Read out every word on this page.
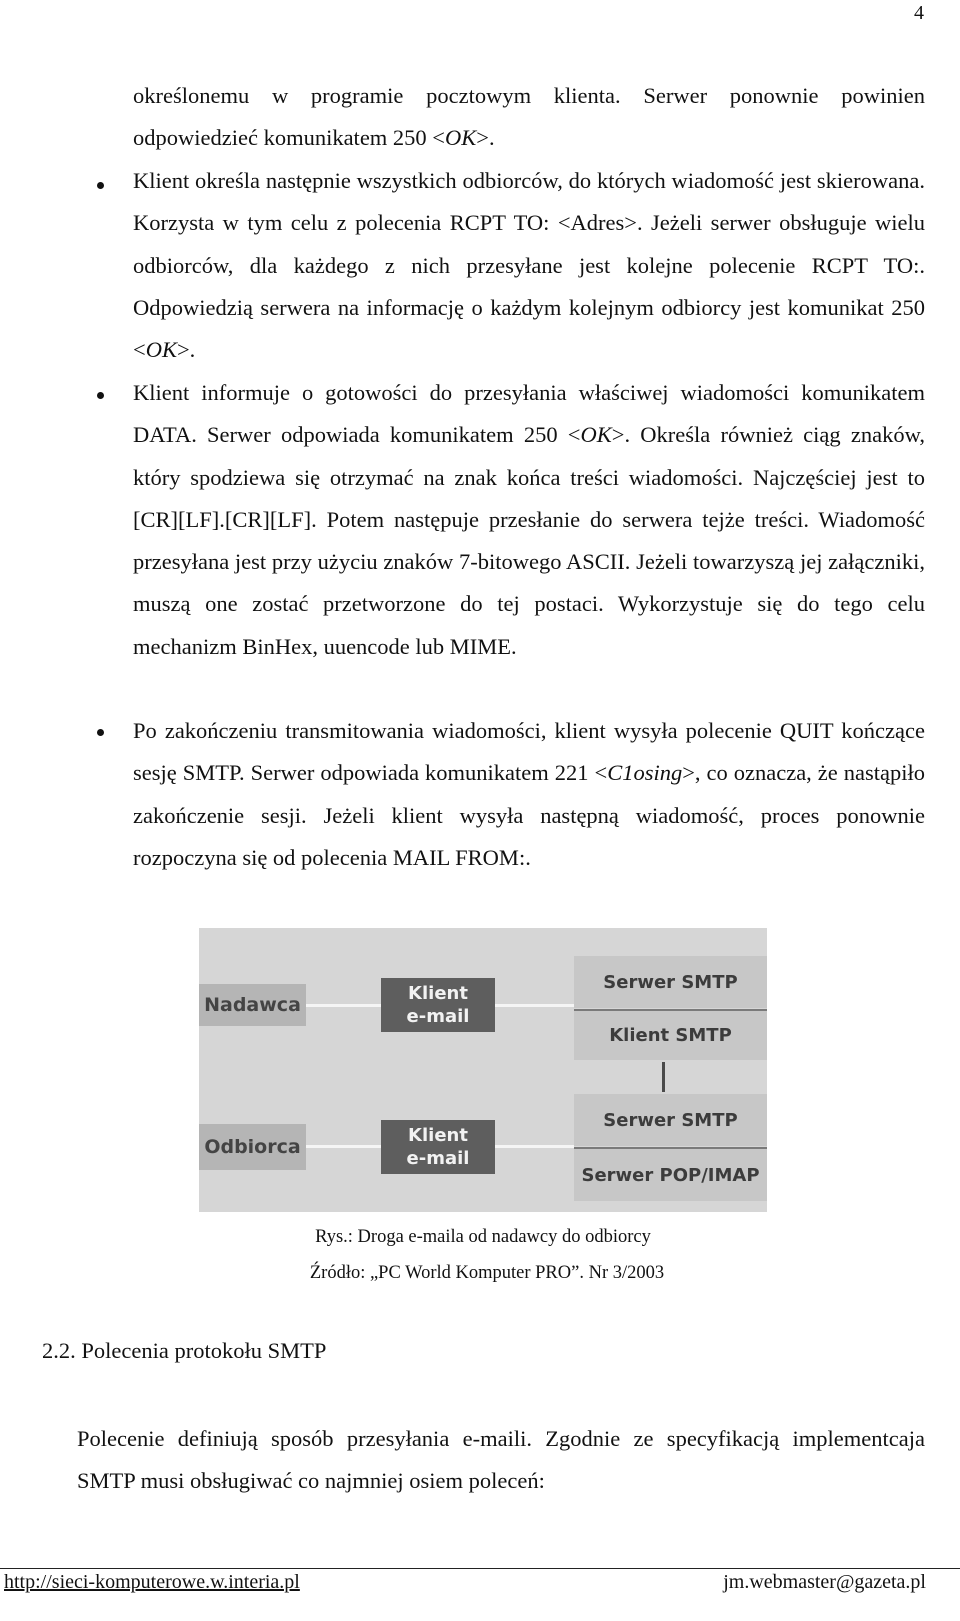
4
określonemu w programie pocztowym klienta. Serwer ponownie powinien odpowiedzieć komunikatem 250 <OK>.
Klient określa następnie wszystkich odbiorców, do których wiadomość jest skierowana. Korzysta w tym celu z polecenia RCPT TO: <Adres>. Jeżeli serwer obsługuje wielu odbiorców, dla każdego z nich przesyłane jest kolejne polecenie RCPT TO:. Odpowiedzią serwera na informację o każdym kolejnym odbiorcy jest komunikat 250 <OK>.
Klient informuje o gotowości do przesyłania właściwej wiadomości komunikatem DATA. Serwer odpowiada komunikatem 250 <OK>. Określa również ciąg znaków, który spodziewa się otrzymać na znak końca treści wiadomości. Najczęściej jest to [CR][LF].[CR][LF]. Potem następuje przesłanie do serwera tejże treści. Wiadomość przesyłana jest przy użyciu znaków 7-bitowego ASCII. Jeżeli towarzyszą jej załączniki, muszą one zostać przetworzone do tej postaci. Wykorzystuje się do tego celu mechanizm BinHex, uuencode lub MIME.
Po zakończeniu transmitowania wiadomości, klient wysyła polecenie QUIT kończące sesję SMTP. Serwer odpowiada komunikatem 221 <C1osing>, co oznacza, że nastąpiło zakończenie sesji. Jeżeli klient wysyła następną wiadomość, proces ponownie rozpoczyna się od polecenia MAIL FROM:.
Nadawca	Klient
e-mail
Serwer SMTP
Klient SMTP
Odbiorca	Klient
e-mail
Serwer SMTP
Serwer POP/IMAP
Rys.: Droga e-maila od nadawcy do odbiorcy
Źródło: „PC World Komputer PRO”. Nr 3/2003
2.2. Polecenia protokołu SMTP
Polecenie definiują sposób przesyłania e-maili. Zgodnie ze specyfikacją implementcaja SMTP musi obsługiwać co najmniej osiem poleceń:
http://sieci-komputerowe.w.interia.pl	jm.webmaster@gazeta.pl
